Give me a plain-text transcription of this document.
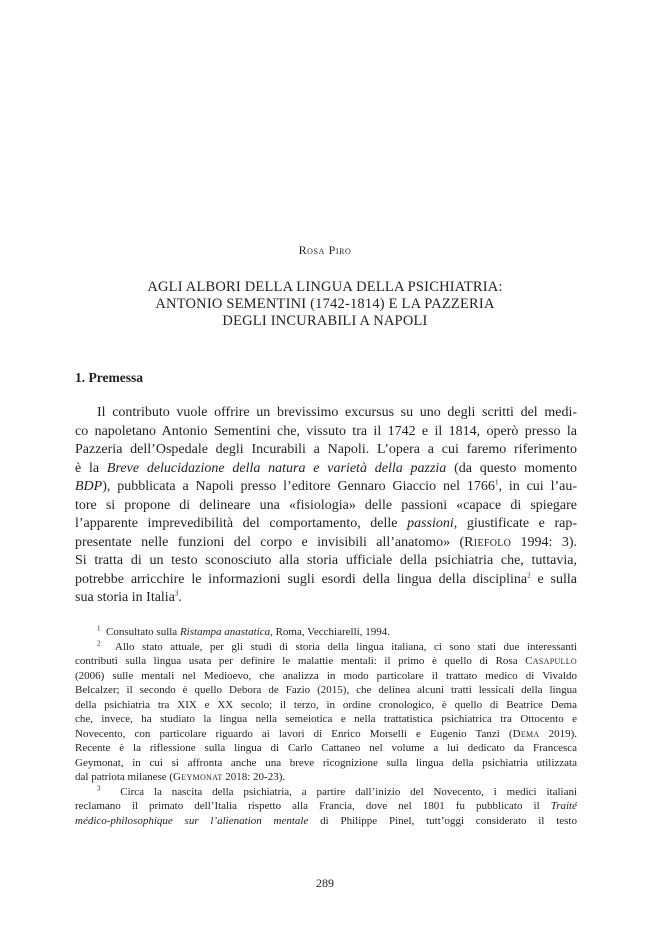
Rosa Piro
AGLI ALBORI DELLA LINGUA DELLA PSICHIATRIA:
ANTONIO SEMENTINI (1742-1814) E LA PAZZERIA
DEGLI INCURABILI A NAPOLI
1. Premessa
Il contributo vuole offrire un brevissimo excursus su uno degli scritti del medi-
co napoletano Antonio Sementini che, vissuto tra il 1742 e il 1814, operò presso la
Pazzeria dell’Ospedale degli Incurabili a Napoli. L’opera a cui faremo riferimento
è la Breve delucidazione della natura e varietà della pazzia (da questo momento
BDP), pubblicata a Napoli presso l’editore Gennaro Giaccio nel 1766$^1$, in cui l’au-
tore si propone di delineare una «fisiologia» delle passioni «capace di spiegare
l’apparente imprevedibilità del comportamento, delle passioni, giustificate e rap-
presentate nelle funzioni del corpo e invisibili all’anatomo» (Riefolo 1994: 3).
Si tratta di un testo sconosciuto alla storia ufficiale della psichiatria che, tuttavia,
potrebbe arricchire le informazioni sugli esordi della lingua della disciplina$^2$ e sulla
sua storia in Italia$^3$.
$^1$ Consultato sulla Ristampa anastatica, Roma, Vecchiarelli, 1994.
$^2$ Allo stato attuale, per gli studi di storia della lingua italiana, ci sono stati due interessanti
contributi sulla lingua usata per definire le malattie mentali: il primo è quello di Rosa Casapullo
(2006) sulle mentali nel Medioevo, che analizza in modo particolare il trattato medico di Vivaldo
Belcalzer; il secondo è quello Debora de Fazio (2015), che delinea alcuni tratti lessicali della lingua
della psichiatria tra XIX e XX secolo; il terzo, in ordine cronologico, è quello di Beatrice Dema
che, invece, ha studiato la lingua nella semeiotica e nella trattatistica psichiatrica tra Ottocento e
Novecento, con particolare riguardo ai lavori di Enrico Morselli e Eugenio Tanzi (Dema 2019).
Recente è la riflessione sulla lingua di Carlo Cattaneo nel volume a lui dedicato da Francesca
Geymonat, in cui si affronta anche una breve ricognizione sulla lingua della psichiatria utilizzata
dal patriota milanese (Geymonat 2018: 20-23).
$^3$ Circa la nascita della psichiatria, a partire dall’inizio del Novecento, i medici italiani
reclamano il primato dell’Italia rispetto alla Francia, dove nel 1801 fu pubblicato il Traité
médico-philosophique sur l’alienation mentale di Philippe Pinel, tutt’oggi considerato il testo
289
